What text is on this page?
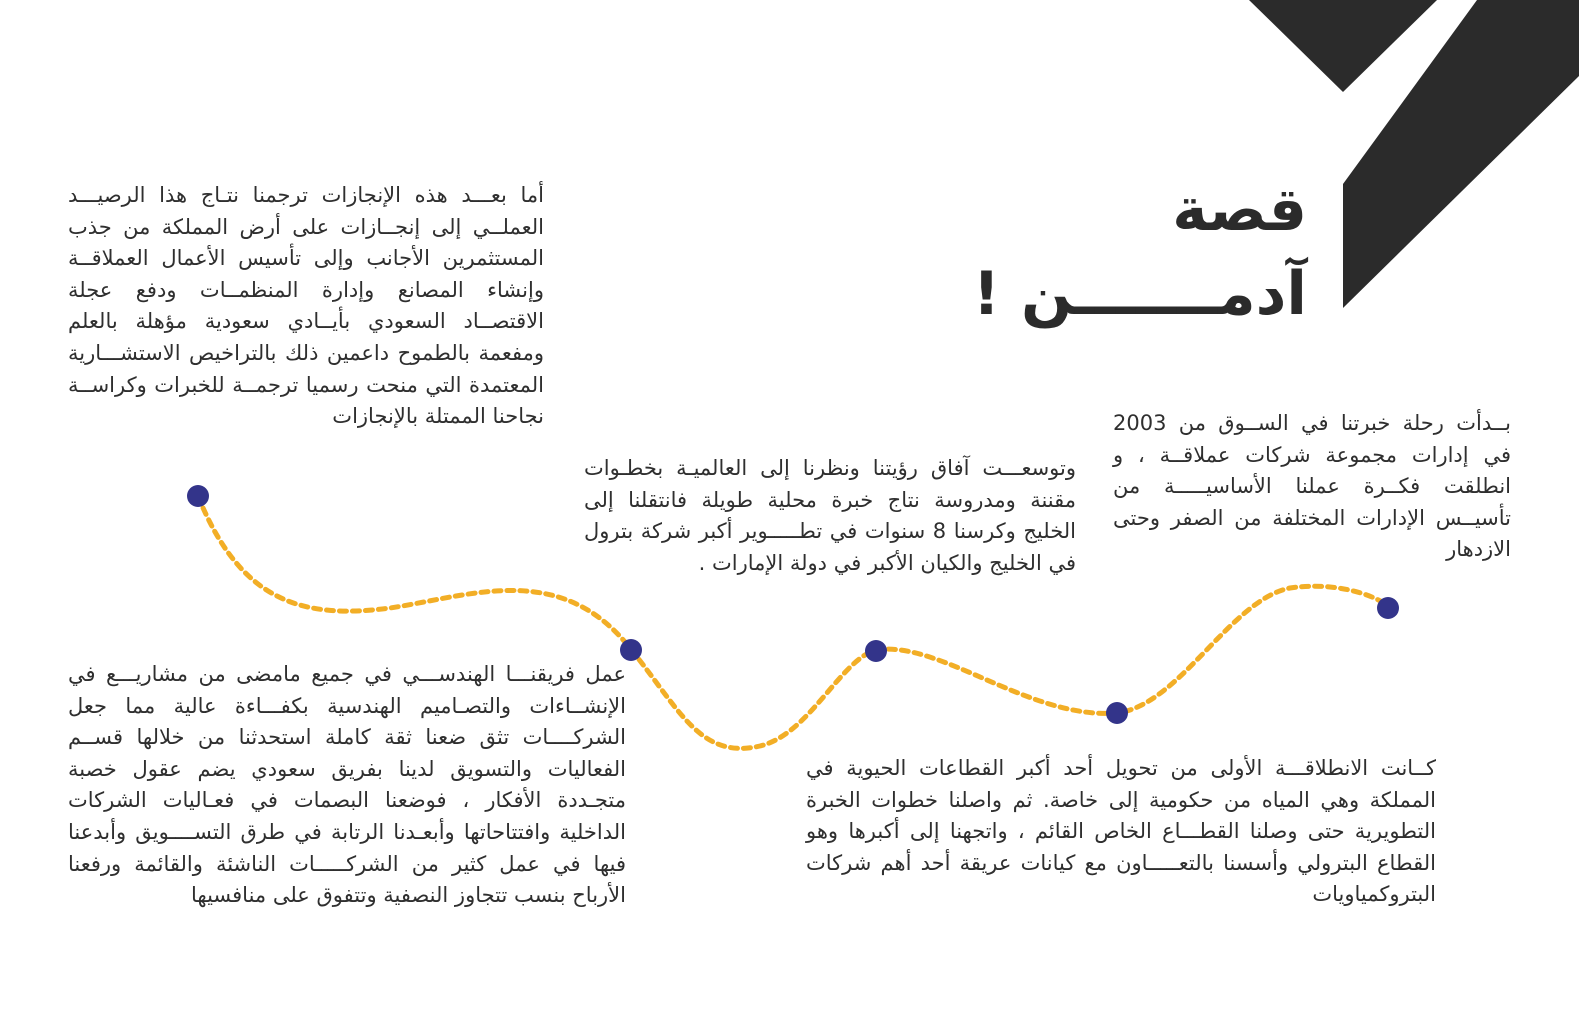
قصة
آدمـــــــن !

بــدأت رحلة خبرتنا في الســوق من 2003 في إدارات مجموعة شركات عملاقــة ، و انطلقت فكــرة عملنا الأساسيـــــة من تأسيــس الإدارات المختلفة من الصفر وحتى الازدهار

كــانت الانطلاقـــة الأولى من تحويل أحد أكبر القطاعات الحيوية في المملكة وهي المياه من حكومية إلى خاصة. ثم واصلنا خطوات الخبرة التطويرية حتى وصلنا القطـــاع الخاص القائم ، واتجهنا إلى أكبرها وهو القطاع البترولي وأسسنا بالتعـــــاون مع كيانات عريقة أحد أهم شركات البتروكمياويات

وتوسعـــت آفاق رؤيتنا ونظرنا إلى العالميـة بخطـوات مقننة ومدروسة نتاج خبرة محلية طويلة فانتقلنا إلى الخليج وكرسنا 8 سنوات في تطـــــوير أكبر شركة بترول في الخليج والكيان الأكبر في دولة الإمارات .

عمل فريقنـــا الهندســـي في جميع مامضى من مشاريـــع في الإنشــاءات والتصـاميم الهندسية بكفـــاءة عالية مما جعل الشركــــات تثق ضعنا ثقة كاملة استحدثنا من خلالها قســم الفعاليات والتسويق لدينا بفريق سعودي يضم عقول خصبة متجـددة الأفكار ، فوضعنا البصمات في فعـاليات الشركات الداخلية وافتتاحاتها وأبعـدنا الرتابة في طرق التســــويق وأبدعنا فيها في عمل كثير من الشركـــــات الناشئة والقائمة ورفعنا الأرباح بنسب تتجاوز النصفية وتتفوق على منافسيها

أما بعـــد هذه الإنجازات ترجمنا نتـاج هذا الرصيـــد العملــي إلى إنجــازات على أرض المملكة من جذب المستثمرين الأجانب وإلى تأسيس الأعمال العملاقــة وإنشاء المصانع وإدارة المنظمــات ودفع عجلة الاقتصــاد السعودي بأيــادي سعودية مؤهلة بالعلم ومفعمة بالطموح داعمين ذلك بالتراخيص الاستشـــارية المعتمدة التي منحت رسميا ترجمــة للخبرات وكراســة نجاحنا الممتلة بالإنجازات
